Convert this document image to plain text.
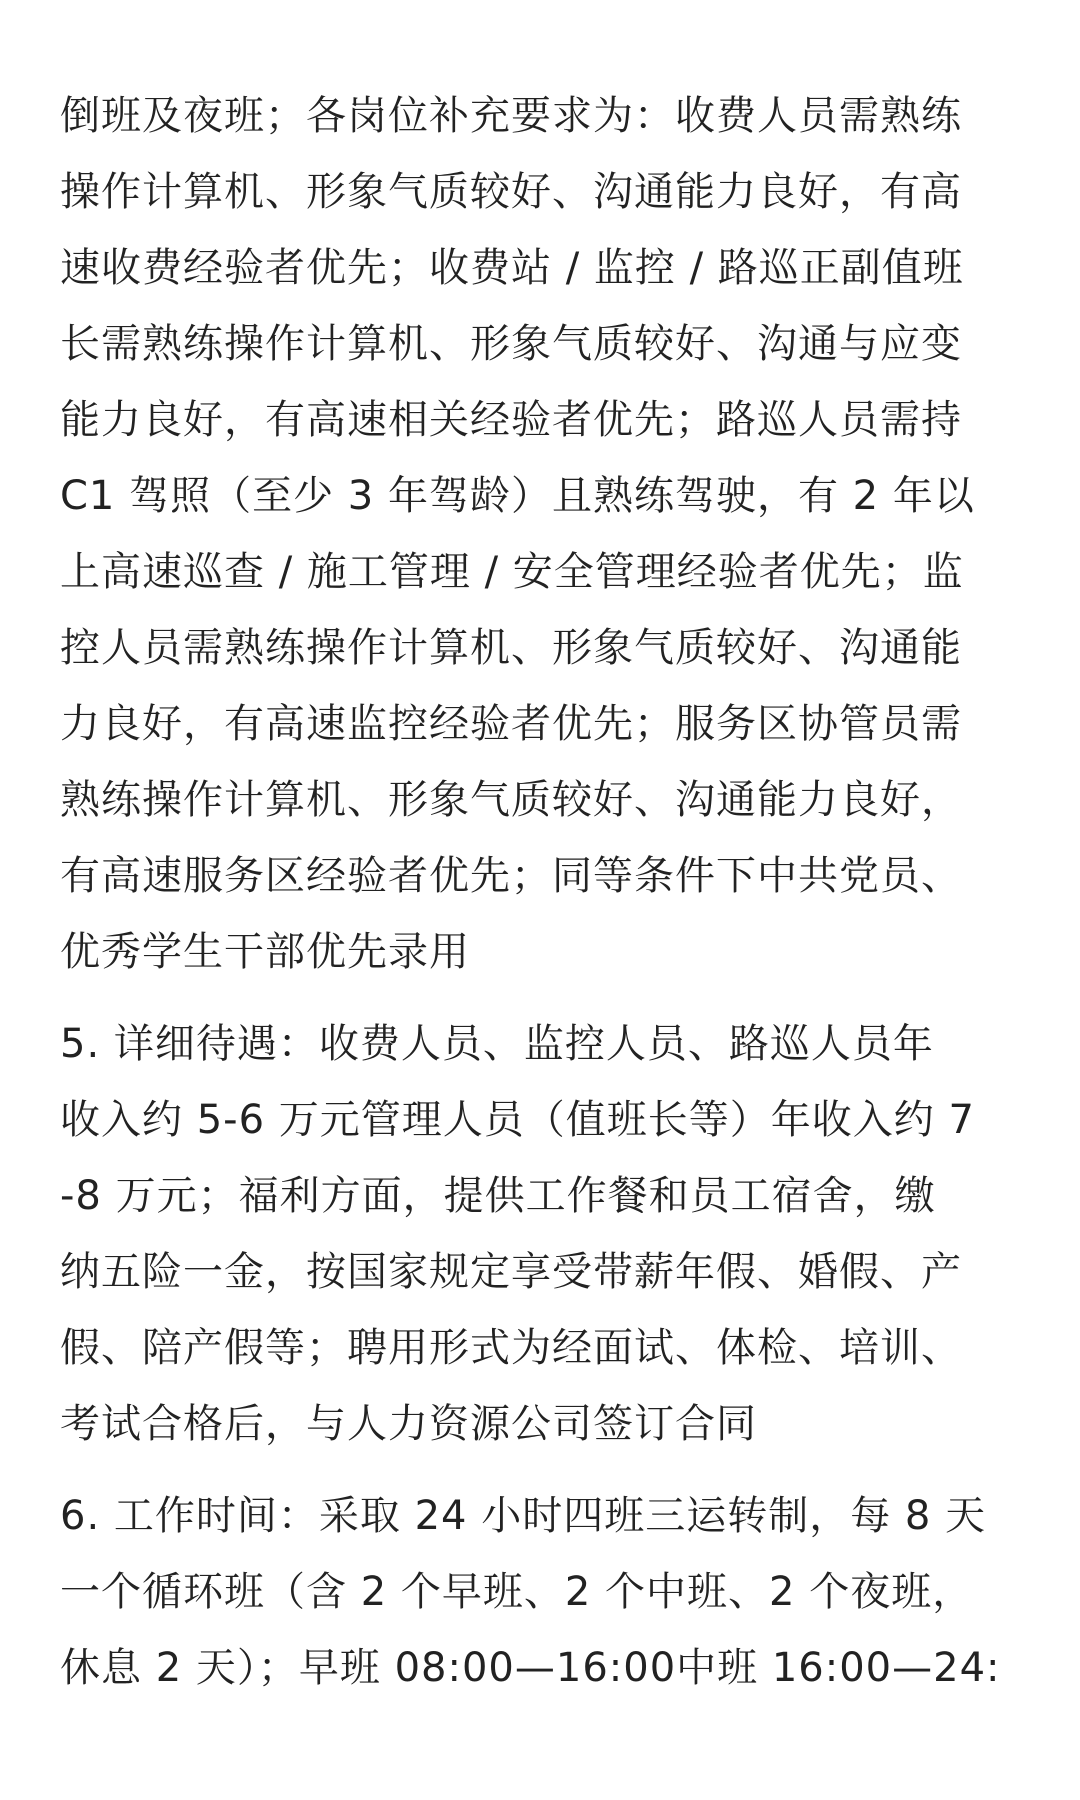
倒班及夜班；各岗位补充要求为：收费人员需熟练
操作计算机、形象气质较好、沟通能力良好，有高
速收费经验者优先；收费站 / 监控 / 路巡正副值班
长需熟练操作计算机、形象气质较好、沟通与应变
能力良好，有高速相关经验者优先；路巡人员需持
C1 驾照（至少 3 年驾龄）且熟练驾驶，有 2 年以
上高速巡查 / 施工管理 / 安全管理经验者优先；监
控人员需熟练操作计算机、形象气质较好、沟通能
力良好，有高速监控经验者优先；服务区协管员需
熟练操作计算机、形象气质较好、沟通能力良好，
有高速服务区经验者优先；同等条件下中共党员、
优秀学生干部优先录用

5. 详细待遇：收费人员、监控人员、路巡人员年
收入约 5-6 万元管理人员（值班长等）年收入约 7
-8 万元；福利方面，提供工作餐和员工宿舍，缴
纳五险一金，按国家规定享受带薪年假、婚假、产
假、陪产假等；聘用形式为经面试、体检、培训、
考试合格后，与人力资源公司签订合同

6. 工作时间：采取 24 小时四班三运转制，每 8 天
一个循环班（含 2 个早班、2 个中班、2 个夜班，
休息 2 天）；早班 08:00—16:00中班 16:00—24:
